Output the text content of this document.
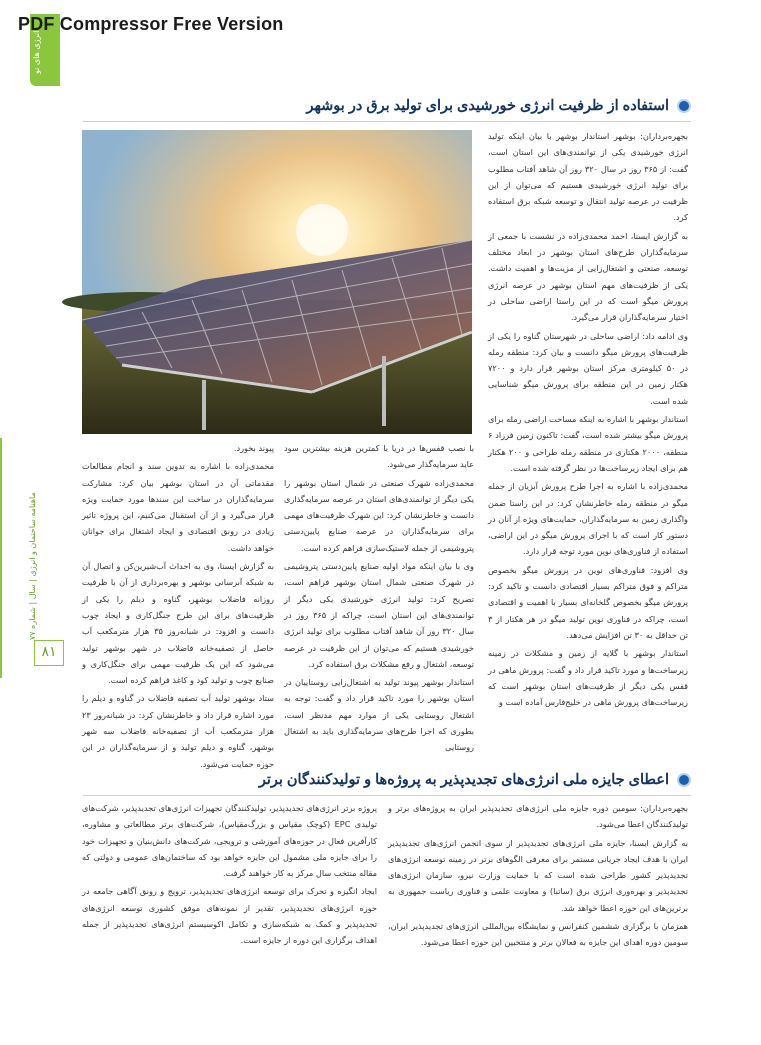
PDF Compressor Free Version
انرژی های نو
ماهنامه ساختمان و انرژی | سال | شماره ۷۷
۸۱
استفاده از ظرفیت انرژی خورشیدی برای تولید برق در بوشهر

بجهره‌برداران: بوشهر استاندار بوشهر با بیان اینکه تولید انرژی خورشیدی یکی از توانمندی‌های این استان است، گفت: از ۳۶۵ روز در سال ۳۲۰ روز آن شاهد آفتاب مطلوب برای تولید انرژی خورشیدی هستیم که می‌توان از این ظرفیت در عرصه تولید انتقال و توسعه شبکه برق استفاده کرد.

به گزارش ایسنا، احمد محمدی‌زاده در نشست با جمعی از سرمایه‌گذاران طرح‌های استان بوشهر در ابعاد مختلف توسعه، صنعتی و اشتغال‌زایی از مزیت‌ها و اهمیت داشت. یکی از ظرفیت‌های مهم استان بوشهر در عرصه انرژی پرورش میگو است که در این راستا اراضی ساحلی در اختیار سرمایه‌گذاران قرار می‌گیرد.

وی ادامه داد: اراضی ساحلی در شهرستان گناوه را یکی از ظرفیت‌های پرورش میگو دانست و بیان کرد: منطقه رمله در ۵۰ کیلومتری مرکز استان بوشهر قرار دارد و ۷۲۰۰ هکتار زمین در این منطقه برای پرورش میگو شناسایی شده است.

استاندار بوشهر با اشاره به اینکه مساحت اراضی رمله برای پرورش میگو بیشتر شده است، گفت: تاکنون زمین فرزاد ۶ منطقه، ۲۰۰۰ هکتاری در منطقه رمله طراحی و ۲۰۰ هکتار هم برای ایجاد زیرساخت‌ها در نظر گرفته شده است.

محمدی‌زاده با اشاره به اجرا طرح پرورش آبزیان از جمله میگو در منطقه رمله خاطرنشان کرد: در این راستا ضمن واگذاری زمین به سرمایه‌گذاران، حمایت‌های ویژه از آنان در دستور کار است که با اجرای پرورش میگو در این اراضی، استفاده از فناوری‌های نوین مورد توجه قرار دارد.

وی افزود: فناوری‌های نوین در پرورش میگو بخصوص متراکم و فوق متراکم بسیار اقتصادی دانست و تاکید کرد: پرورش میگو بخصوص گلخانه‌ای بسیار با اهمیت و اقتصادی است، چراکه در فناوری نوین تولید میگو در هر هکتار از ۳ تن حداقل به ۳۰ تن افزایش می‌دهد.

استاندار بوشهر با گلایه از زمین و مشکلات در زمینه زیرساخت‌ها و مورد تاکید قرار داد و گفت: پرورش ماهی در قفس یکی دیگر از ظرفیت‌های استان بوشهر است که زیرساخت‌های پرورش ماهی در خلیج‌فارس آماده است و

با نصب قفس‌ها در دریا با کمترین هزینه بیشترین سود عاید سرمایه‌گذار می‌شود.

محمدی‌زاده شهرک صنعتی در شمال استان بوشهر را یکی دیگر از توانمندی‌های استان در عرصه سرمایه‌گذاری دانست و خاطرنشان کرد: این شهرک ظرفیت‌های مهمی برای سرمایه‌گذاران در عرصه صنایع پایین‌دستی پتروشیمی از جمله لاستیک‌سازی فراهم کرده است.

وی با بیان اینکه مواد اولیه صنایع پایین‌دستی پتروشیمی در شهرک صنعتی شمال استان بوشهر فراهم است، تصریح کرد: تولید انرژی خورشیدی یکی دیگر از توانمندی‌های این استان است، چراکه از ۳۶۵ روز در سال ۳۲۰ روز آن شاهد آفتاب مطلوب برای تولید انرژی خورشیدی هستیم که می‌توان از این ظرفیت در عرصه توسعه، اشتغال و رفع مشکلات برق استفاده کرد.

استاندار بوشهر پیوند تولید به اشتغال‌زایی روستاییان در استان بوشهر را مورد تاکید قرار داد و گفت: توجه به اشتغال روستایی یکی از موارد مهم مدنظر است، بطوری که اجرا طرح‌های سرمایه‌گذاری باید به اشتغال روستایی

پیوند بخورد.

محمدی‌زاده با اشاره به تدوین سند و انجام مطالعات مقدماتی آن در استان بوشهر بیان کرد: مشارکت سرمایه‌گذاران در ساخت این سندها مورد حمایت ویژه قرار می‌گیرد و از آن استقبال می‌کنیم، این پروژه تاثیر زیادی در رونق اقتصادی و ایجاد اشتغال برای جوانان خواهد داشت.

به گزارش ایسنا، وی به احداث آب‌شیرین‌کن و اتصال آن به شبکه آبرسانی بوشهر و بهره‌برداری از آن با ظرفیت روزانه فاضلاب بوشهر، گناوه و دیلم را یکی از ظرفیت‌های برای این طرح جنگل‌کاری و ایجاد چوب دانست و افزود: در شبانه‌روز ۳۵ هزار مترمکعب آب حاصل از تصفیه‌خانه فاضلاب در شهر بوشهر تولید می‌شود که این یک ظرفیت مهمی برای جنگل‌کاری و صنایع چوب و تولید کود و کاغذ فراهم کرده است.

ستاد بوشهر تولید آب تصفیه فاضلاب در گناوه و دیلم را مورد اشاره قرار داد و خاطرنشان کرد: در شبانه‌روز ۲۳ هزار مترمکعب آب از تصفیه‌خانه فاضلاب سه شهر بوشهر، گناوه و دیلم تولید و از سرمایه‌گذاران در این حوزه حمایت می‌شود.

اعطای جایزه ملی انرژی‌های تجدیدپذیر به پروژه‌ها و تولیدکنندگان برتر

بجهره‌برداران: سومین دوره جایزه ملی انرژی‌های تجدیدپذیر ایران به پروژه‌های برتر و تولیدکنندگان اعطا می‌شود.

به گزارش ایسنا، جایزه ملی انرژی‌های تجدیدپذیر از سوی انجمن انرژی‌های تجدیدپذیر ایران با هدف ایجاد جریانی مستمر برای معرفی الگوهای برتر در زمینه توسعه انرژی‌های تجدیدپذیر کشور طراحی شده است که با حمایت وزارت نیرو، سازمان انرژی‌های تجدیدپذیر و بهره‌وری انرژی برق (ساتبا) و معاونت علمی و فناوری ریاست جمهوری به برترین‌های این حوزه اعطا خواهد شد.

همزمان با برگزاری ششمین کنفرانس و نمایشگاه بین‌المللی انرژی‌های تجدیدپذیر ایران، سومین دوره اهدای این جایزه به فعالان برتر و منتخبین این حوزه اعطا می‌شود.

پروژه برتر انرژی‌های تجدیدپذیر، تولیدکنندگان تجهیزات انرژی‌های تجدیدپذیر، شرکت‌های تولیدی EPC (کوچک مقیاس و بزرگ‌مقیاس)، شرکت‌های برتر مطالعاتی و مشاوره، کارآفرین فعال در حوزه‌های آموزشی و ترویجی، شرکت‌های دانش‌بنیان و تجهیزات خود را برای جایزه ملی مشمول این جایزه خواهد بود که ساختمان‌های عمومی و دولتی که مقاله منتخب سال مرکز به کار خواهند گرفت.

ایجاد انگیزه و تحرک برای توسعه انرژی‌های تجدیدپذیر، ترویج و رونق آگاهی جامعه در حوزه انرژی‌های تجدیدپذیر، تقدیر از نمونه‌های موفق کشوری توسعه انرژی‌های تجدیدپذیر و کمک به شبکه‌سازی و تکامل اکوسیستم انرژی‌های تجدیدپذیر از جمله اهداف برگزاری این دوره از جایزه است.
